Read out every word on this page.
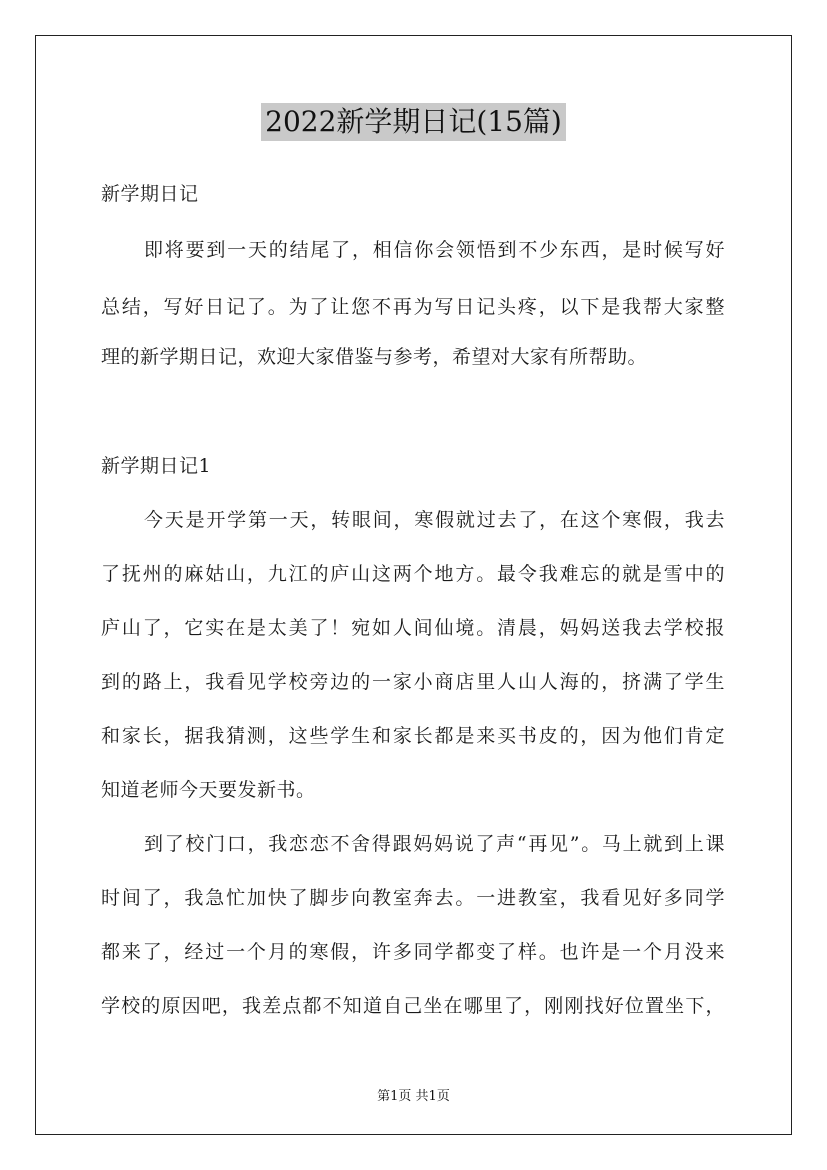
2022新学期日记(15篇)
新学期日记
即将要到一天的结尾了，相信你会领悟到不少东西，是时候写好
总结，写好日记了。为了让您不再为写日记头疼，以下是我帮大家整
理的新学期日记，欢迎大家借鉴与参考，希望对大家有所帮助。
新学期日记1
今天是开学第一天，转眼间，寒假就过去了，在这个寒假，我去
了抚州的麻姑山，九江的庐山这两个地方。最令我难忘的就是雪中的
庐山了，它实在是太美了！宛如人间仙境。清晨，妈妈送我去学校报
到的路上，我看见学校旁边的一家小商店里人山人海的，挤满了学生
和家长，据我猜测，这些学生和家长都是来买书皮的，因为他们肯定
知道老师今天要发新书。
到了校门口，我恋恋不舍得跟妈妈说了声“再见”。马上就到上课
时间了，我急忙加快了脚步向教室奔去。一进教室，我看见好多同学
都来了，经过一个月的寒假，许多同学都变了样。也许是一个月没来
学校的原因吧，我差点都不知道自己坐在哪里了，刚刚找好位置坐下，
第1页 共1页
